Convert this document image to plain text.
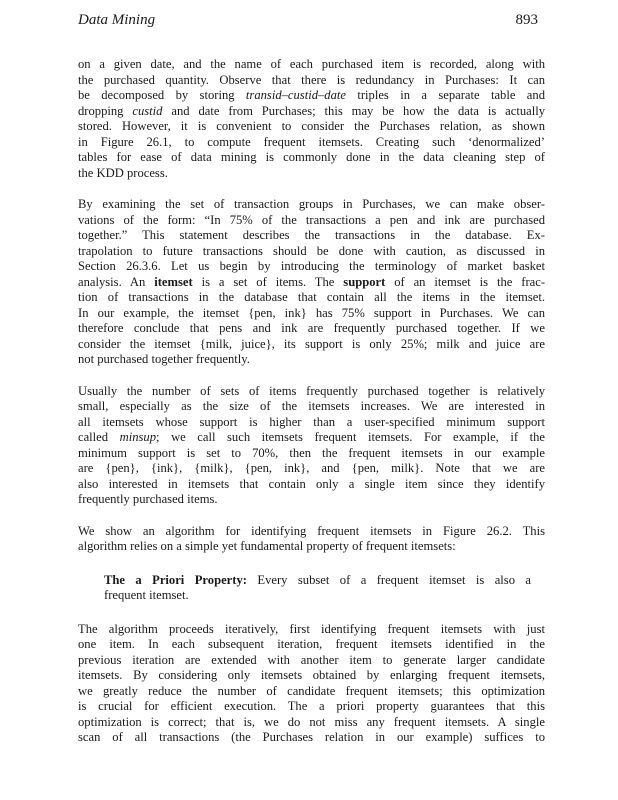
Data Mining	893

on a given date, and the name of each purchased item is recorded, along with
the purchased quantity. Observe that there is redundancy in Purchases: It can
be decomposed by storing transid–custid–date triples in a separate table and
dropping custid and date from Purchases; this may be how the data is actually
stored. However, it is convenient to consider the Purchases relation, as shown
in Figure 26.1, to compute frequent itemsets. Creating such ‘denormalized’
tables for ease of data mining is commonly done in the data cleaning step of
the KDD process.

By examining the set of transaction groups in Purchases, we can make obser-
vations of the form: “In 75% of the transactions a pen and ink are purchased
together.” This statement describes the transactions in the database. Ex-
trapolation to future transactions should be done with caution, as discussed in
Section 26.3.6. Let us begin by introducing the terminology of market basket
analysis. An itemset is a set of items. The support of an itemset is the frac-
tion of transactions in the database that contain all the items in the itemset.
In our example, the itemset {pen, ink} has 75% support in Purchases. We can
therefore conclude that pens and ink are frequently purchased together. If we
consider the itemset {milk, juice}, its support is only 25%; milk and juice are
not purchased together frequently.

Usually the number of sets of items frequently purchased together is relatively
small, especially as the size of the itemsets increases. We are interested in
all itemsets whose support is higher than a user-specified minimum support
called minsup; we call such itemsets frequent itemsets. For example, if the
minimum support is set to 70%, then the frequent itemsets in our example
are {pen}, {ink}, {milk}, {pen, ink}, and {pen, milk}. Note that we are
also interested in itemsets that contain only a single item since they identify
frequently purchased items.

We show an algorithm for identifying frequent itemsets in Figure 26.2. This
algorithm relies on a simple yet fundamental property of frequent itemsets:

The a Priori Property: Every subset of a frequent itemset is also a
frequent itemset.

The algorithm proceeds iteratively, first identifying frequent itemsets with just
one item. In each subsequent iteration, frequent itemsets identified in the
previous iteration are extended with another item to generate larger candidate
itemsets. By considering only itemsets obtained by enlarging frequent itemsets,
we greatly reduce the number of candidate frequent itemsets; this optimization
is crucial for efficient execution. The a priori property guarantees that this
optimization is correct; that is, we do not miss any frequent itemsets. A single
scan of all transactions (the Purchases relation in our example) suffices to
